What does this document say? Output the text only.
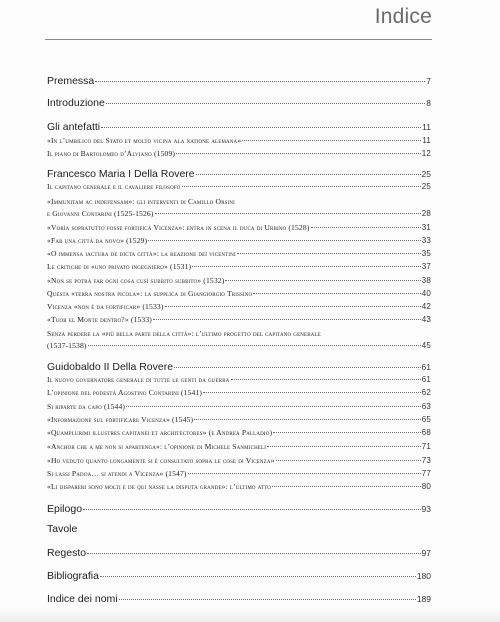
Indice
Premessa	7
Introduzione	8
Gli antefatti	11
«In l’umbilico del Stato et molto vicina ala natione alemana»	11
Il piano di Bartolomeo d’Alviano (1509)	12
Francesco Maria I Della Rovere	25
Il capitano generale e il cavaliere filosofo	25
«Immunitam ac indefensam»: gli interventi di Camillo Orsini
e Giovanni Contarini (1525-1526)	28
«Vorìa sopratutto fosse fortificà Vicenza»: entra in scena il duca di Urbino (1528)	31
«Far una città da novo» (1529)	33
«O immensa iactura de dicta città»: la reazione dei vicentini	35
Le critiche di «uno privato ingegniero» (1531)	37
«Non se potrà far ogni cosa cusì subbito subbito» (1532)	38
Questa «terra nostra picola»: la supplica di Giangiorgio Trissino	40
Vicenza «non è da fortificar» (1533)	42
«Tuor el Monte dentro?» (1533)	43
Senza perdere la «più bella parte della città»: l’ultimo progetto del capitano generale
(1537-1538)	45
Guidobaldo II Della Rovere	61
Il nuovo governatore generale di tutte le genti da guerra	61
L’opinione del podestà Agostino Contarini (1541)	62
Si riparte da capo (1544)	63
«Informazione sul fortificare Vicenza» (1545)	65
«Quamplurimi illustres capitanei et architectores» (e Andrea Palladio)	68
«Anchor che a me non si apartenga»: l’opinione di Michele Sanmicheli	71
«Ho veduto quanto longamente si è consultato sopra le cose di Vicenza»	73
Si lassi Padoa… si atendi a Vicenza» (1547)	77
«Li dispareri sono molti e de qui nasse la disputa grande»: l’ultimo atto	80
Epilogo	93
Tavole
Regesto	97
Bibliografia	180
Indice dei nomi	189
